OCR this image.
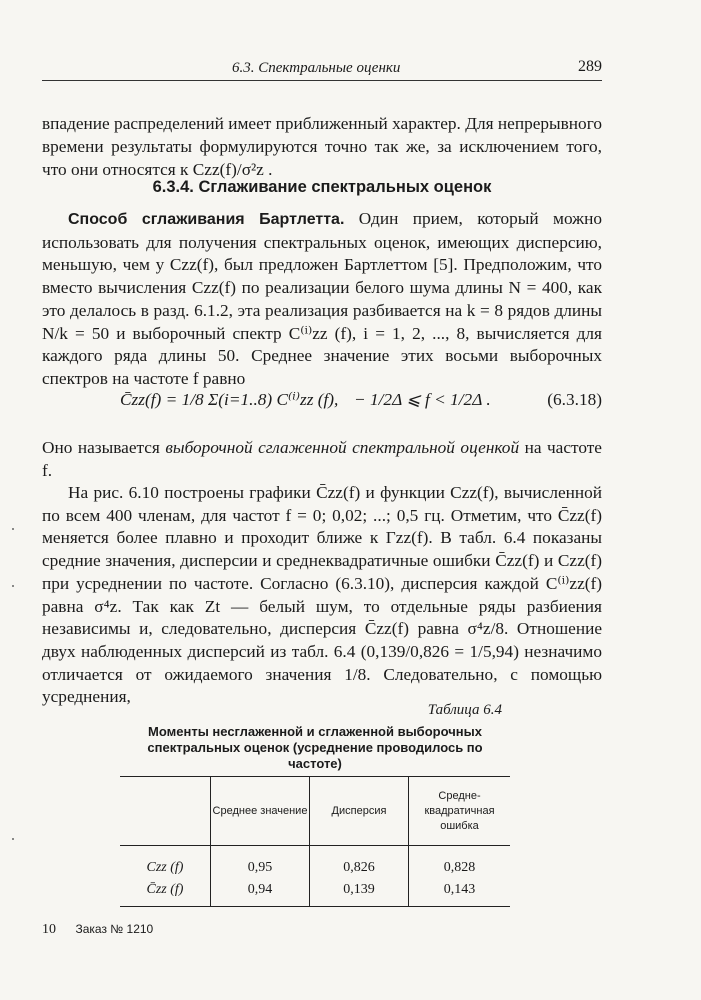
6.3. Спектральные оценки	289

впадение распределений имеет приближенный характер. Для непрерывного времени результаты формулируются точно так же, за исключением того, что они относятся к Czz(f)/σ²z .

6.3.4. Сглаживание спектральных оценок
Способ сглаживания Бартлетта. Один прием, который можно использовать для получения спектральных оценок, имеющих дисперсию, меньшую, чем у Czz(f), был предложен Бартлеттом [5]. Предположим, что вместо вычисления Czz(f) по реализации белого шума длины N = 400, как это делалось в разд. 6.1.2, эта реализация разбивается на k = 8 рядов длины N/k = 50 и выборочный спектр C⁽ⁱ⁾zz (f), i = 1, 2, ..., 8, вычисляется для каждого ряда длины 50. Среднее значение этих восьми выборочных спектров на частоте f равно
C̄zz(f) = 1/8 Σ(i=1..8) C⁽ⁱ⁾zz (f), − 1/2Δ ⩽ f < 1/2Δ .	(6.3.18)
Оно называется выборочной сглаженной спектральной оценкой на частоте f.
На рис. 6.10 построены графики C̄zz(f) и функции Czz(f), вычисленной по всем 400 членам, для частот f = 0; 0,02; ...; 0,5 гц. Отметим, что C̄zz(f) меняется более плавно и проходит ближе к Γzz(f). В табл. 6.4 показаны средние значения, дисперсии и среднеквадратичные ошибки C̄zz(f) и Czz(f) при усреднении по частоте. Согласно (6.3.10), дисперсия каждой C⁽ⁱ⁾zz(f) равна σ⁴z. Так как Zt — белый шум, то отдельные ряды разбиения независимы и, следовательно, дисперсия C̄zz(f) равна σ⁴z/8. Отношение двух наблюденных дисперсий из табл. 6.4 (0,139/0,826 = 1/5,94) незначимо отличается от ожидаемого значения 1/8. Следовательно, с помощью усреднения,
Таблица 6.4
Моменты несглаженной и сглаженной выборочных спектральных оценок (усреднение проводилось по частоте)
	Среднее значение	Дисперсия	Средне-квадратичная ошибка
Czz (f)	0,95	0,826	0,828
C̄zz (f)	0,94	0,139	0,143
10 Заказ № 1210
